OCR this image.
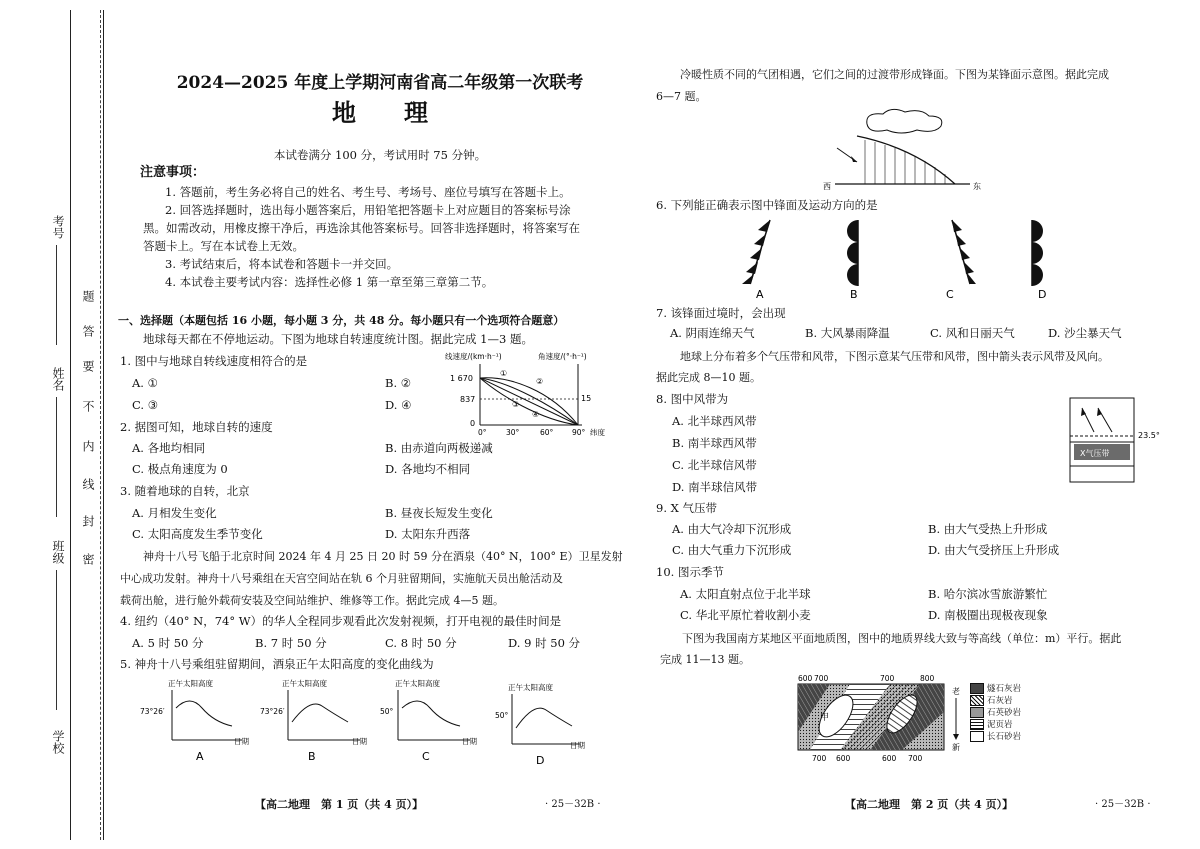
考号
姓名
班级
学校
题
答
要
不
内
线
封
密
2024—2025 年度上学期河南省高二年级第一次联考
地　　理
本试卷满分 100 分，考试用时 75 分钟。
注意事项：
1. 答题前，考生务必将自己的姓名、考生号、考场号、座位号填写在答题卡上。
2. 回答选择题时，选出每小题答案后，用铅笔把答题卡上对应题目的答案标号涂
黑。如需改动，用橡皮擦干净后，再选涂其他答案标号。回答非选择题时，将答案写在
答题卡上。写在本试卷上无效。
3. 考试结束后，将本试卷和答题卡一并交回。
4. 本试卷主要考试内容：选择性必修 1 第一章至第三章第二节。
一、选择题（本题包括 16 小题，每小题 3 分，共 48 分。每小题只有一个选项符合题意）
地球每天都在不停地运动。下图为地球自转速度统计图。据此完成 1—3 题。
1. 图中与地球自转线速度相符合的是
A. ①	B. ②
C. ③	D. ④
线速度/(km·h⁻¹)	角速度/(°·h⁻¹)
1 670
837
0
15
0°	30°	60° 90° 纬度
①
②
③
④
2. 据图可知，地球自转的速度
A. 各地均相同	B. 由赤道向两极递减
C. 极点角速度为 0	D. 各地均不相同
3. 随着地球的自转，北京
A. 月相发生变化	B. 昼夜长短发生变化
C. 太阳高度发生季节变化	D. 太阳东升西落
神舟十八号飞船于北京时间 2024 年 4 月 25 日 20 时 59 分在酒泉（40° N，100° E）卫星发射
中心成功发射。神舟十八号乘组在天宫空间站在轨 6 个月驻留期间，实施航天员出舱活动及
载荷出舱，进行舱外载荷安装及空间站维护、维修等工作。据此完成 4—5 题。
4. 纽约（40° N，74° W）的华人全程同步观看此次发射视频，打开电视的最佳时间是
A. 5 时 50 分	B. 7 时 50 分	C. 8 时 50 分	D. 9 时 50 分
5. 神舟十八号乘组驻留期间，酒泉正午太阳高度的变化曲线为
正午太阳高度
73°26′
日期
A
正午太阳高度
73°26′
日期
B
正午太阳高度
50°
日期
C
正午太阳高度
50°
日期
D
【高二地理　第 1 页（共 4 页）】	· 25－32B ·
冷暖性质不同的气团相遇，它们之间的过渡带形成锋面。下图为某锋面示意图。据此完成
6—7 题。
西	东
6. 下列能正确表示图中锋面及运动方向的是
A	B	C	D
7. 该锋面过境时，会出现
A. 阴雨连绵天气	B. 大风暴雨降温	C. 风和日丽天气	D. 沙尘暴天气
地球上分布着多个气压带和风带，下图示意某气压带和风带，图中箭头表示风带及风向。
据此完成 8—10 题。
8. 图中风带为
A. 北半球西风带
B. 南半球西风带
C. 北半球信风带
D. 南半球信风带
X气压带
23.5°
9. X 气压带
A. 由大气冷却下沉形成	B. 由大气受热上升形成
C. 由大气重力下沉形成	D. 由大气受挤压上升形成
10. 图示季节
A. 太阳直射点位于北半球	B. 哈尔滨冰雪旅游繁忙
C. 华北平原忙着收割小麦	D. 南极圈出现极夜现象
下图为我国南方某地区平面地质图，图中的地质界线大致与等高线（单位：m）平行。据此
完成 11—13 题。
甲
600 700	700	800
700 600	600 700
老
新
燧石灰岩
石灰岩
石英砂岩
泥页岩
长石砂岩
【高二地理　第 2 页（共 4 页）】	· 25－32B ·
